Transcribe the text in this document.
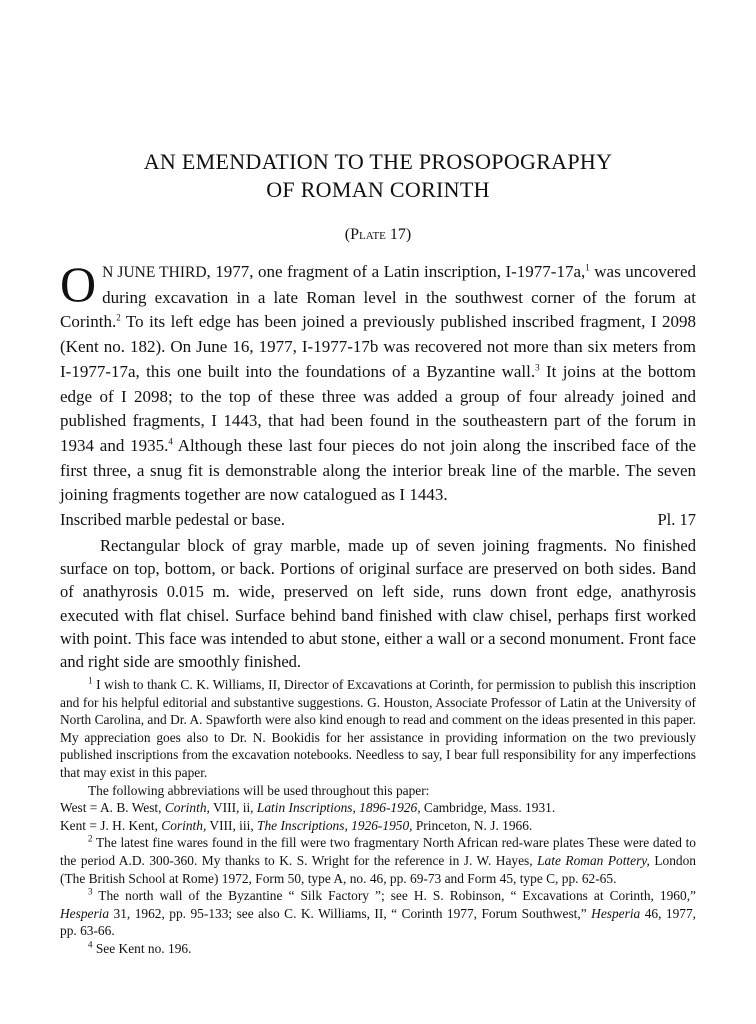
AN EMENDATION TO THE PROSOPOGRAPHY
OF ROMAN CORINTH
(Plate 17)

ON JUNE THIRD, 1977, one fragment of a Latin inscription, I-1977-17a,$^1$ was uncovered during excavation in a late Roman level in the southwest corner of the forum at Corinth.$^2$ To its left edge has been joined a previously published inscribed fragment, I 2098 (Kent no. 182). On June 16, 1977, I-1977-17b was recovered not more than six meters from I-1977-17a, this one built into the foundations of a Byzantine wall.$^3$ It joins at the bottom edge of I 2098; to the top of these three was added a group of four already joined and published fragments, I 1443, that had been found in the southeastern part of the forum in 1934 and 1935.$^4$ Although these last four pieces do not join along the inscribed face of the first three, a snug fit is demonstrable along the interior break line of the marble. The seven joining fragments together are now catalogued as I 1443.

Inscribed marble pedestal or base.	Pl. 17

Rectangular block of gray marble, made up of seven joining fragments. No finished surface on top, bottom, or back. Portions of original surface are preserved on both sides. Band of anathyrosis 0.015 m. wide, preserved on left side, runs down front edge, anathyrosis executed with flat chisel. Surface behind band finished with claw chisel, perhaps first worked with point. This face was intended to abut stone, either a wall or a second monument. Front face and right side are smoothly finished.

$^1$ I wish to thank C. K. Williams, II, Director of Excavations at Corinth, for permission to publish this inscription and for his helpful editorial and substantive suggestions. G. Houston, Associate Professor of Latin at the University of North Carolina, and Dr. A. Spawforth were also kind enough to read and comment on the ideas presented in this paper. My appreciation goes also to Dr. N. Bookidis for her assistance in providing information on the two previously published inscriptions from the excavation notebooks. Needless to say, I bear full responsibility for any imperfections that may exist in this paper.

The following abbreviations will be used throughout this paper:

West = A. B. West, Corinth, VIII, ii, Latin Inscriptions, 1896-1926, Cambridge, Mass. 1931.

Kent = J. H. Kent, Corinth, VIII, iii, The Inscriptions, 1926-1950, Princeton, N. J. 1966.

$^2$ The latest fine wares found in the fill were two fragmentary North African red-ware plates These were dated to the period A.D. 300-360. My thanks to K. S. Wright for the reference in J. W. Hayes, Late Roman Pottery, London (The British School at Rome) 1972, Form 50, type A, no. 46, pp. 69-73 and Form 45, type C, pp. 62-65.

$^3$ The north wall of the Byzantine “ Silk Factory ”; see H. S. Robinson, “ Excavations at Corinth, 1960,” Hesperia 31, 1962, pp. 95-133; see also C. K. Williams, II, “ Corinth 1977, Forum Southwest,” Hesperia 46, 1977, pp. 63-66.

$^4$ See Kent no. 196.
